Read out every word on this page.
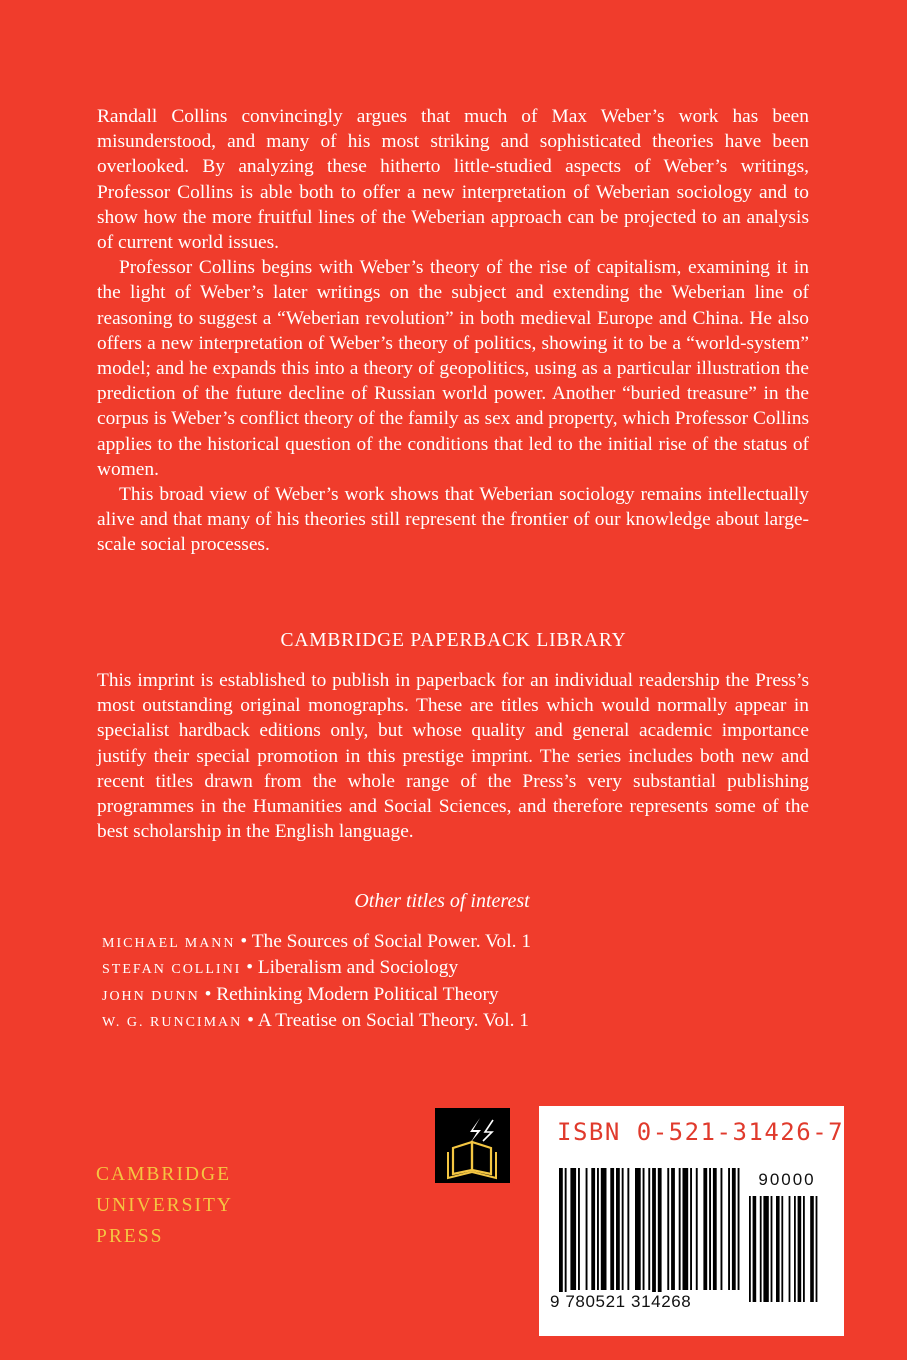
Randall Collins convincingly argues that much of Max Weber’s work has been misunderstood, and many of his most striking and sophisticated theories have been overlooked. By analyzing these hitherto little-studied aspects of Weber’s writings, Professor Collins is able both to offer a new interpretation of Weberian sociology and to show how the more fruitful lines of the Weberian approach can be projected to an analysis of current world issues.

Professor Collins begins with Weber’s theory of the rise of capitalism, examining it in the light of Weber’s later writings on the subject and extending the Weberian line of reasoning to suggest a “Weberian revolution” in both medieval Europe and China. He also offers a new interpretation of Weber’s theory of politics, showing it to be a “world-system” model; and he expands this into a theory of geopolitics, using as a particular illustration the prediction of the future decline of Russian world power. Another “buried treasure” in the corpus is Weber’s conflict theory of the family as sex and property, which Professor Collins applies to the historical question of the conditions that led to the initial rise of the status of women.

This broad view of Weber’s work shows that Weberian sociology remains intellectually alive and that many of his theories still represent the frontier of our knowledge about large-scale social processes.

CAMBRIDGE PAPERBACK LIBRARY

This imprint is established to publish in paperback for an individual readership the Press’s most outstanding original monographs. These are titles which would normally appear in specialist hardback editions only, but whose quality and general academic importance justify their special promotion in this prestige imprint. The series includes both new and recent titles drawn from the whole range of the Press’s very substantial publishing programmes in the Humanities and Social Sciences, and therefore represents some of the best scholarship in the English language.

Other titles of interest
MICHAEL MANN • The Sources of Social Power. Vol. 1
STEFAN COLLINI • Liberalism and Sociology
JOHN DUNN • Rethinking Modern Political Theory
W. G. RUNCIMAN • A Treatise on Social Theory. Vol. 1
CAMBRIDGE
UNIVERSITY
PRESS
ISBN 0-521-31426-7
90000
9 780521 314268
